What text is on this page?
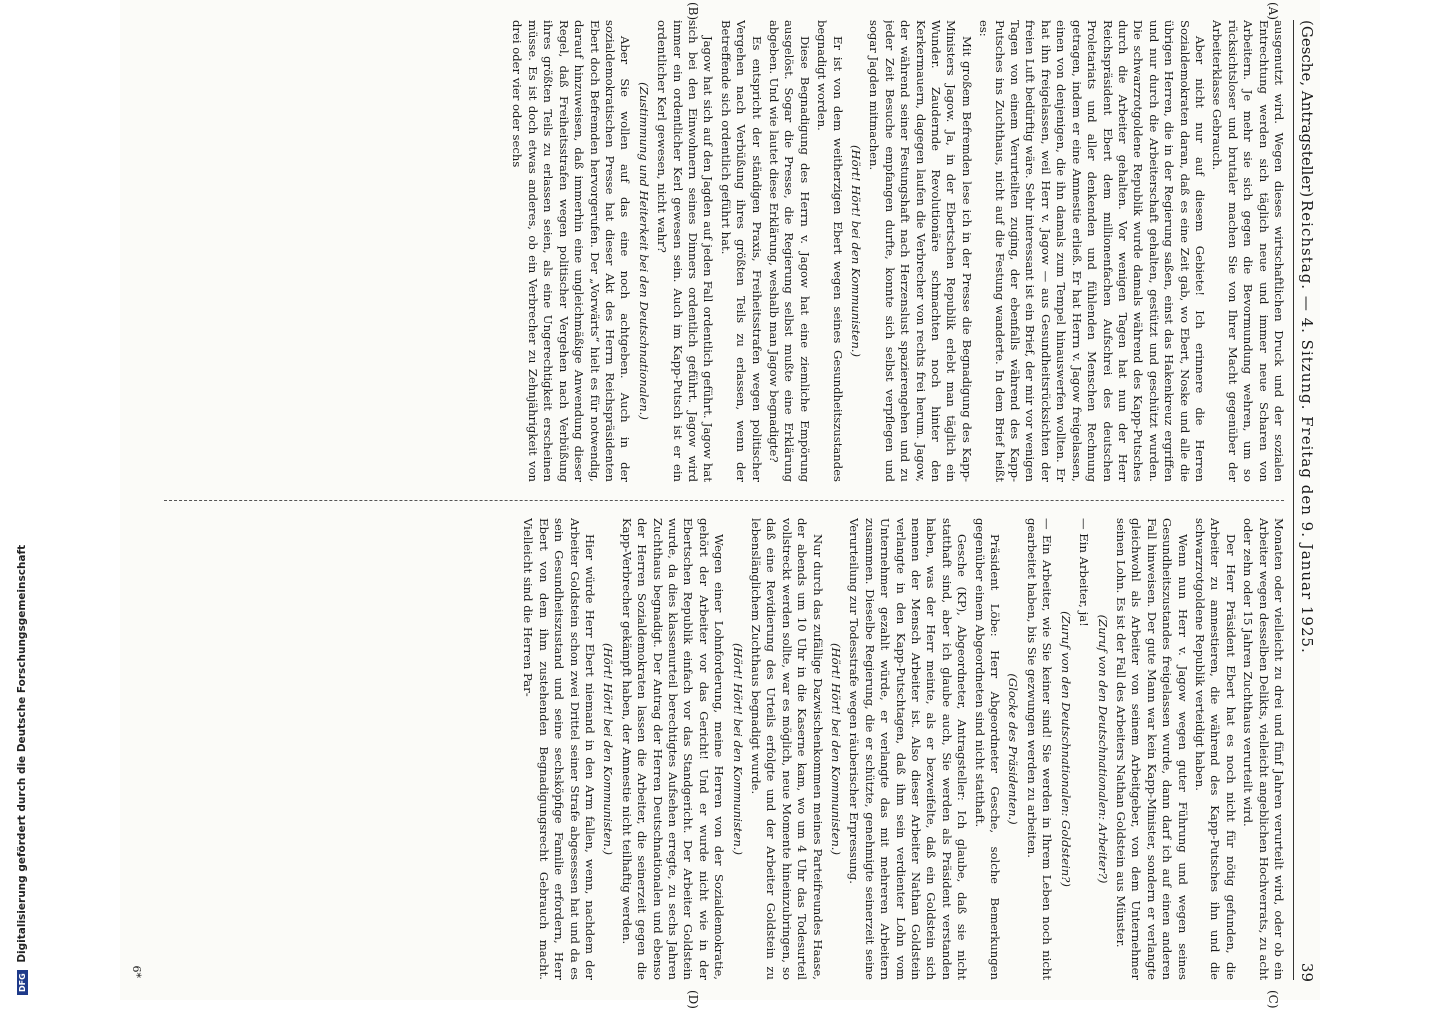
DFG Digitalisierung gefördert durch die Deutsche Forschungsgemeinschaft
(Gesche, Antragsteller)
Reichstag. — 4. Sitzung. Freitag den 9. Januar 1925.
39
(A)
(B)
(C)
(D)

ausgenutzt wird. Wegen dieses wirtschaftlichen Druck und der sozialen Entrechtung werden sich täglich neue und immer neue Scharen von Arbeitern. Je mehr sie sich gegen die Bevormundung wehren, um so rücksichtsloser und brutaler machen Sie von Ihrer Macht gegenüber der Arbeiterklasse Gebrauch.

Aber nicht nur auf diesem Gebiete! Ich erinnere die Herren Sozialdemokraten daran, daß es eine Zeit gab, wo Ebert, Noske und alle die übrigen Herren, die in der Regierung saßen, einst das Hakenkreuz ergriffen und nur durch die Arbeiterschaft gehalten, gestützt und geschützt wurden. Die schwarzrotgoldene Republik wurde damals während des Kapp-Putsches durch die Arbeiter gehalten. Vor wenigen Tagen hat nun der Herr Reichspräsident Ebert dem millionenfachen Aufschrei des deutschen Proletariats und aller denkenden und fühlenden Menschen Rechnung getragen, indem er eine Amnestie erließ. Er hat Herrn v. Jagow freigelassen, einen von denjenigen, die ihn damals zum Tempel hinauswerfen wollten. Er hat ihn freigelassen, weil Herr v. Jagow — aus Gesundheitsrücksichten der freien Luft bedürftig wäre. Sehr interessant ist ein Brief, der mir vor wenigen Tagen von einem Verurteilten zuging, der ebenfalls während des Kapp-Putsches ins Zuchthaus, nicht auf die Festung wanderte. In dem Brief heißt es:

Mit großem Befremden lese ich in der Presse die Begnadigung des Kapp-Ministers Jagow. Ja, in der Ebertschen Republik erlebt man täglich ein Wunder. Zaudernde Revolutionäre schmachten noch hinter den Kerkermauern, dagegen laufen die Verbrecher von rechts frei herum. Jagow, der während seiner Festungshaft nach Herzenslust spazierengehen und zu jeder Zeit Besuche empfangen durfte, konnte sich selbst verpflegen und sogar Jagden mitmachen.

(Hört! Hört! bei den Kommunisten.)

Er ist von dem weitherzigen Ebert wegen seines Gesundheitszustandes begnadigt worden.

Diese Begnadigung des Herrn v. Jagow hat eine ziemliche Empörung ausgelöst. Sogar die Presse, die Regierung selbst mußte eine Erklärung abgeben. Und wie lautet diese Erklärung, weshalb man Jagow begnadigte?

Es entspricht der ständigen Praxis, Freiheitsstrafen wegen politischer Vergehen nach Verbüßung ihres größten Teils zu erlassen, wenn der Betreffende sich ordentlich geführt hat.

Jagow hat sich auf den Jagden auf jeden Fall ordentlich geführt. Jagow hat sich bei den Einwohnern seines Dinners ordentlich geführt. Jagow wird immer ein ordentlicher Kerl gewesen sein. Auch im Kapp-Putsch ist er ein ordentlicher Kerl gewesen, nicht wahr?

(Zustimmung und Heiterkeit bei den Deutschnationalen.)

Aber Sie wollen auf das eine noch achtgeben. Auch in der sozialdemokratischen Presse hat dieser Akt des Herrn Reichspräsidenten Ebert doch Befremden hervorgerufen. Der „Vorwärts“ hielt es für notwendig, darauf hinzuweisen, daß immerhin eine ungleichmäßige Anwendung dieser Regel, daß Freiheitsstrafen wegen politischer Vergehen nach Verbüßung ihres größten Teils zu erlassen seien, als eine Ungerechtigkeit erscheinen müsse. Es ist doch etwas anderes, ob ein Verbrecher zu Zehnjährigkeit von drei oder vier oder sechs

Monaten oder vielleicht zu drei und fünf Jahren verurteilt wird, oder ob ein Arbeiter wegen desselben Delikts, vielleicht angeblichen Hochverrats, zu acht oder zehn oder 15 Jahren Zuchthaus verurteilt wird.

Der Herr Präsident Ebert hat es noch nicht für nötig gefunden, die Arbeiter zu amnestieren, die während des Kapp-Putsches ihn und die schwarzrotgoldene Republik verteidigt haben.

Wenn nun Herr v. Jagow wegen guter Führung und wegen seines Gesundheitszustandes freigelassen wurde, dann darf ich auf einen anderen Fall hinweisen. Der gute Mann war kein Kapp-Minister, sondern er verlangte gleichwohl als Arbeiter von seinem Arbeitgeber, von dem Unternehmer seinen Lohn. Es ist der Fall des Arbeiters Nathan Goldstein aus Münster.

(Zuruf von den Deutschnationalen: Arbeiter?)

— Ein Arbeiter, ja!

(Zuruf von den Deutschnationalen: Goldstein?)

— Ein Arbeiter, wie Sie keiner sind! Sie werden in Ihrem Leben noch nicht gearbeitet haben, bis Sie gezwungen werden zu arbeiten.

(Glocke des Präsidenten.)

Präsident Löbe: Herr Abgeordneter Gesche, solche Bemerkungen gegenüber einem Abgeordneten sind nicht statthaft.

Gesche (KP), Abgeordneter, Antragsteller: Ich glaube, daß sie nicht statthaft sind, aber ich glaube auch, Sie werden als Präsident verstanden haben, was der Herr meinte, als er bezweifelte, daß ein Goldstein sich nennen der Mensch Arbeiter ist. Also dieser Arbeiter Nathan Goldstein verlangte in den Kapp-Putschtagen, daß ihm sein verdienter Lohn vom Unternehmer gezahlt würde, er verlangte das mit mehreren Arbeitern zusammen. Dieselbe Regierung, die er schützte, genehmigte seinerzeit seine Verurteilung zur Todesstrafe wegen räuberischer Erpressung.

(Hört! Hört! bei den Kommunisten.)

Nur durch das zufällige Dazwischenkommen meines Parteifreundes Haase, der abends um 10 Uhr in die Kaserne kam, wo um 4 Uhr das Todesurteil vollstreckt werden sollte, war es möglich, neue Momente hineinzubringen, so daß eine Revidierung des Urteils erfolgte und der Arbeiter Goldstein zu lebenslänglichem Zuchthaus begnadigt wurde.

(Hört! Hört! bei den Kommunisten.)

Wegen einer Lohnforderung, meine Herren von der Sozialdemokratie, gehört der Arbeiter vor das Gericht! Und er wurde nicht wie in der Ebertschen Republik einfach vor das Standgericht. Der Arbeiter Goldstein wurde, da dies klassenurteil berechtigtes Aufsehen erregte, zu sechs Jahren Zuchthaus begnadigt. Der Antrag der Herren Deutschnationalen und ebenso der Herren Sozialdemokraten lassen die Arbeiter, die seinerzeit gegen die Kapp-Verbrecher gekämpft haben, der Amnestie nicht teilhaftig werden.

(Hört! Hört! bei den Kommunisten.)

Hier würde Herr Ebert niemand in den Arm fallen, wenn, nachdem der Arbeiter Goldstein schon zwei Drittel seiner Strafe abgesessen hat und da es sein Gesundheitszustand und seine sechsköpfige Familie erfordern, Herr Ebert von dem ihm zustehenden Begnadigungsrecht Gebrauch macht. Vielleicht sind die Herren Par-

6*
